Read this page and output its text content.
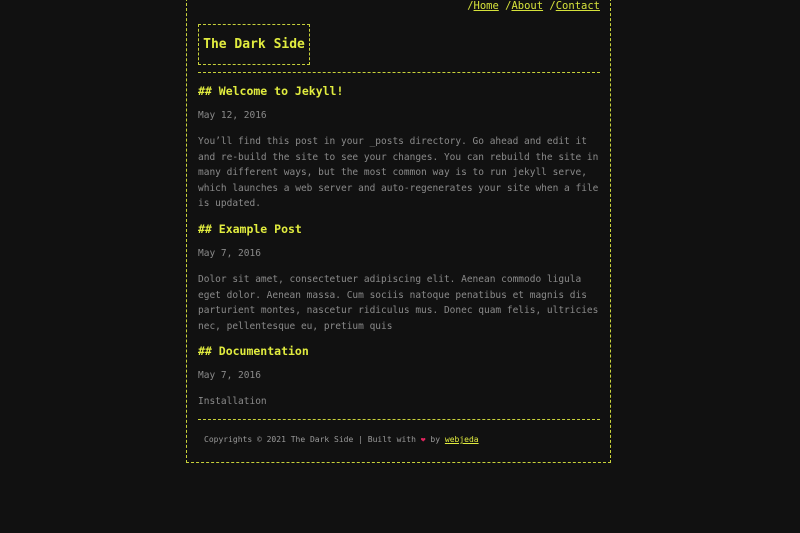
/Home /About /Contact
The Dark Side
## Welcome to Jekyll!
May 12, 2016
You’ll find this post in your _posts directory. Go ahead and edit it and re-build the site to see your changes. You can rebuild the site in many different ways, but the most common way is to run jekyll serve, which launches a web server and auto-regenerates your site when a file is updated.
## Example Post
May 7, 2016
Dolor sit amet, consectetuer adipiscing elit. Aenean commodo ligula eget dolor. Aenean massa. Cum sociis natoque penatibus et magnis dis parturient montes, nascetur ridiculus mus. Donec quam felis, ultricies nec, pellentesque eu, pretium quis
## Documentation
May 7, 2016
Installation
Copyrights © 2021 The Dark Side | Built with ❤ by webjeda
